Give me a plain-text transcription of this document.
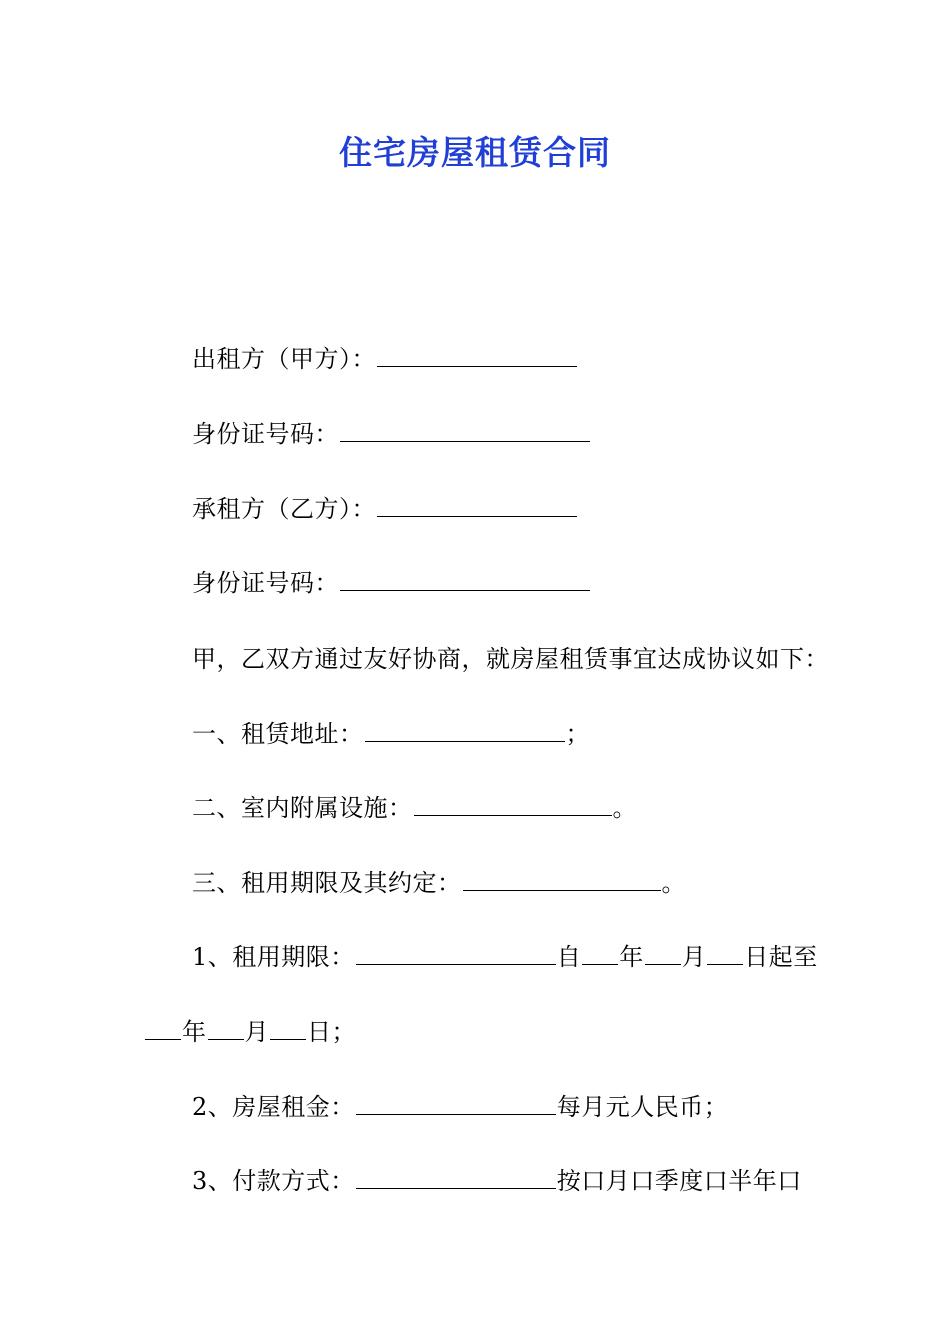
住宅房屋租赁合同
出租方（甲方）：
身份证号码：
承租方（乙方）：
身份证号码：
甲，乙双方通过友好协商，就房屋租赁事宜达成协议如下：
一、租赁地址：	；
二、室内附属设施：	。
三、租用期限及其约定：	。
1、租用期限：	自 年 月 日起至
年 月 日；
2、房屋租金：	每月元人民币；
3、付款方式：	按口月口季度口半年口
